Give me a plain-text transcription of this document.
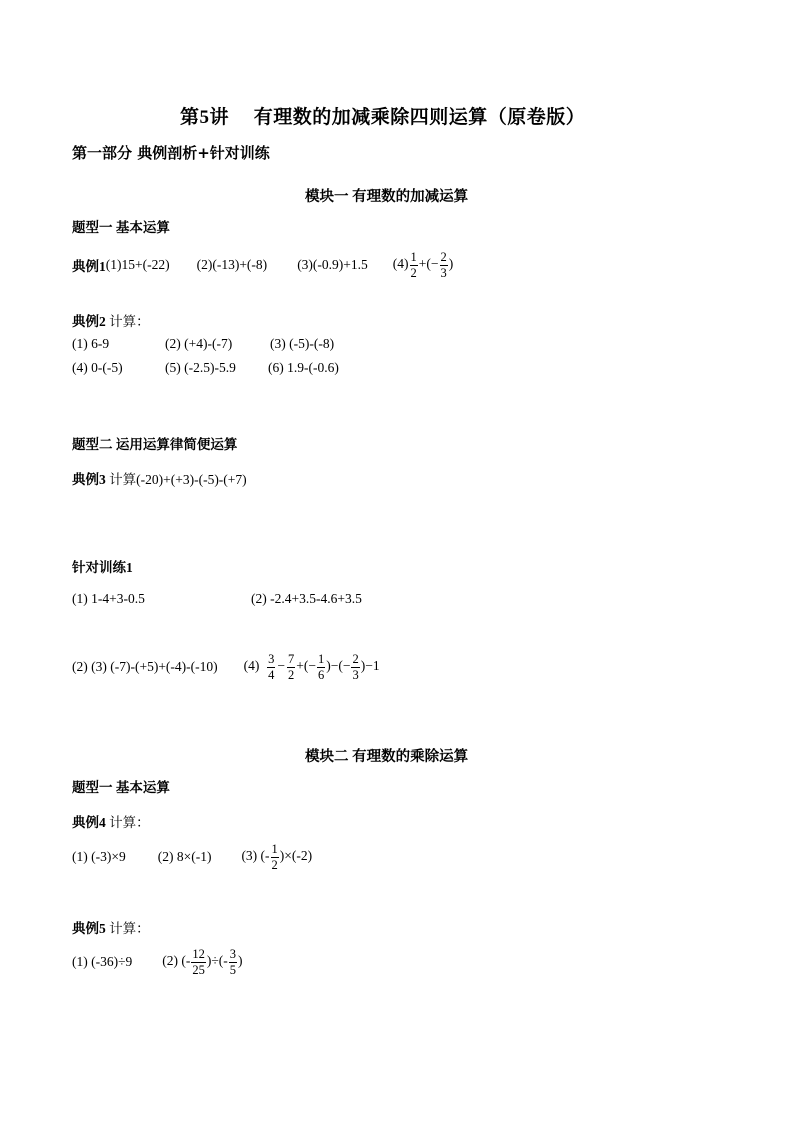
第5讲　 有理数的加减乘除四则运算（原卷版）
第一部分 典例剖析+针对训练
模块一 有理数的加减运算
题型一 基本运算
典例1 (1)15+(-22) (2)(-13)+(-8) (3)(-0.9)+1.5 $(4) \frac{1}{2}$ +(− $\frac{2}{3}$ )
典例2 计算：
(1) 6-9	(2) (+4)-(-7)	(3) (-5)-(-8)
(4) 0-(-5)	(5) (-2.5)-5.9 (6) 1.9-(-0.6)
题型二 运用运算律简便运算
典例3 计算(-20)+(+3)-(-5)-(+7)
针对训练1
(1) 1-4+3-0.5	(2) -2.4+3.5-4.6+3.5
(2) (3) (-7)-(+5)+(-4)-(-10) $(4) \frac{3}{4} - \frac{7}{2}$ +(− $\frac{1}{6}$ )−(− $\frac{2}{3} )-1$
模块二 有理数的乘除运算
题型一 基本运算
典例4 计算：
(1) (-3)×9 (2) 8×(-1) (3) (- $\frac{1}{2} )\times(-2)$
典例5 计算：
(1) (-36)÷9 (2) (- $\frac{12}{25}$ )÷(- $\frac{3}{5}$ )
